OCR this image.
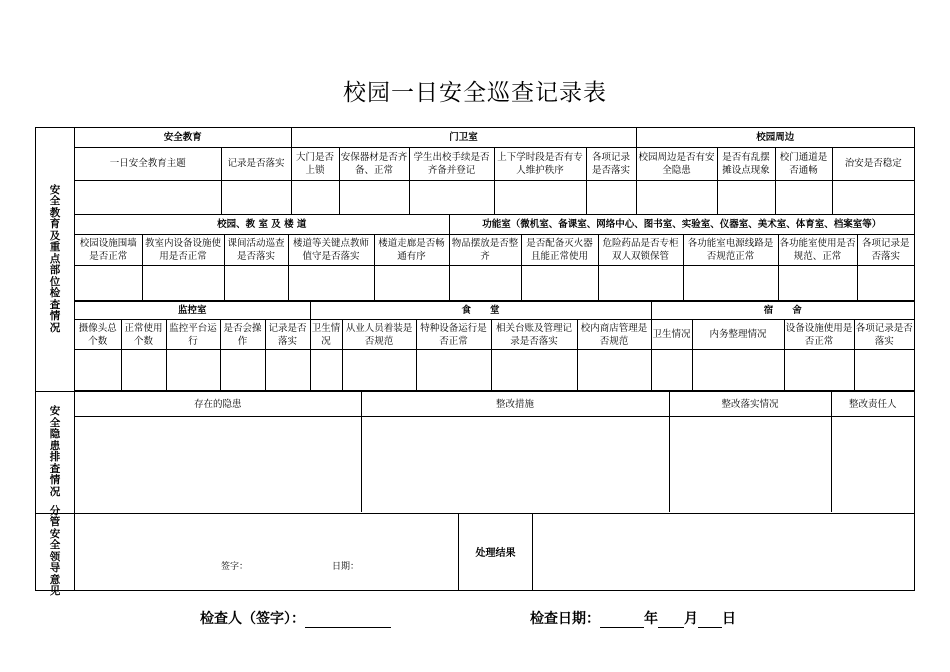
校园一日安全巡查记录表
安全教育及重点部位检查情况
安全隐患排查情况
分管安全领导意见
安全教育		门卫室					校园周边			
一日安全教育主题	记录是否落实	大门是否上锁	安保器材是否齐备、正常	学生出校手续是否齐备并登记	上下学时段是否有专人维护秩序	各项记录是否落实	校园周边是否有安全隐患	是否有乱摆摊设点现象	校门通道是否通畅	治安是否稳定

校园、教 室 及 楼 道					功能室（微机室、备课室、网络中心、图书室、实验室、仪器室、美术室、体育室、档案室等）					
校园设施围墙是否正常	教室内设备设施使用是否正常	课间活动巡查是否落实	楼道等关键点教师值守是否落实	楼道走廊是否畅通有序	物品摆放是否整齐	是否配备灭火器且能正常使用	危险药品是否专柜双人双锁保管	各功能室电源线路是否规范正常	各功能室使用是否规范、正常	各项记录是否落实

监控室					食　　堂					宿　　舍			
摄像头总个数	正常使用个数	监控平台运行	是否会操作	记录是否落实	卫生情况	从业人员着装是否规范	特种设备运行是否正常	相关台账及管理记录是否落实	校内商店管理是否规范	卫生情况	内务整理情况	设备设施使用是否正常	各项记录是否落实

存在的隐患	整改措施	整改落实情况	整改责任人

签字：	日期：
处理结果
检查人（签字）：	检查日期：	年 月 日
